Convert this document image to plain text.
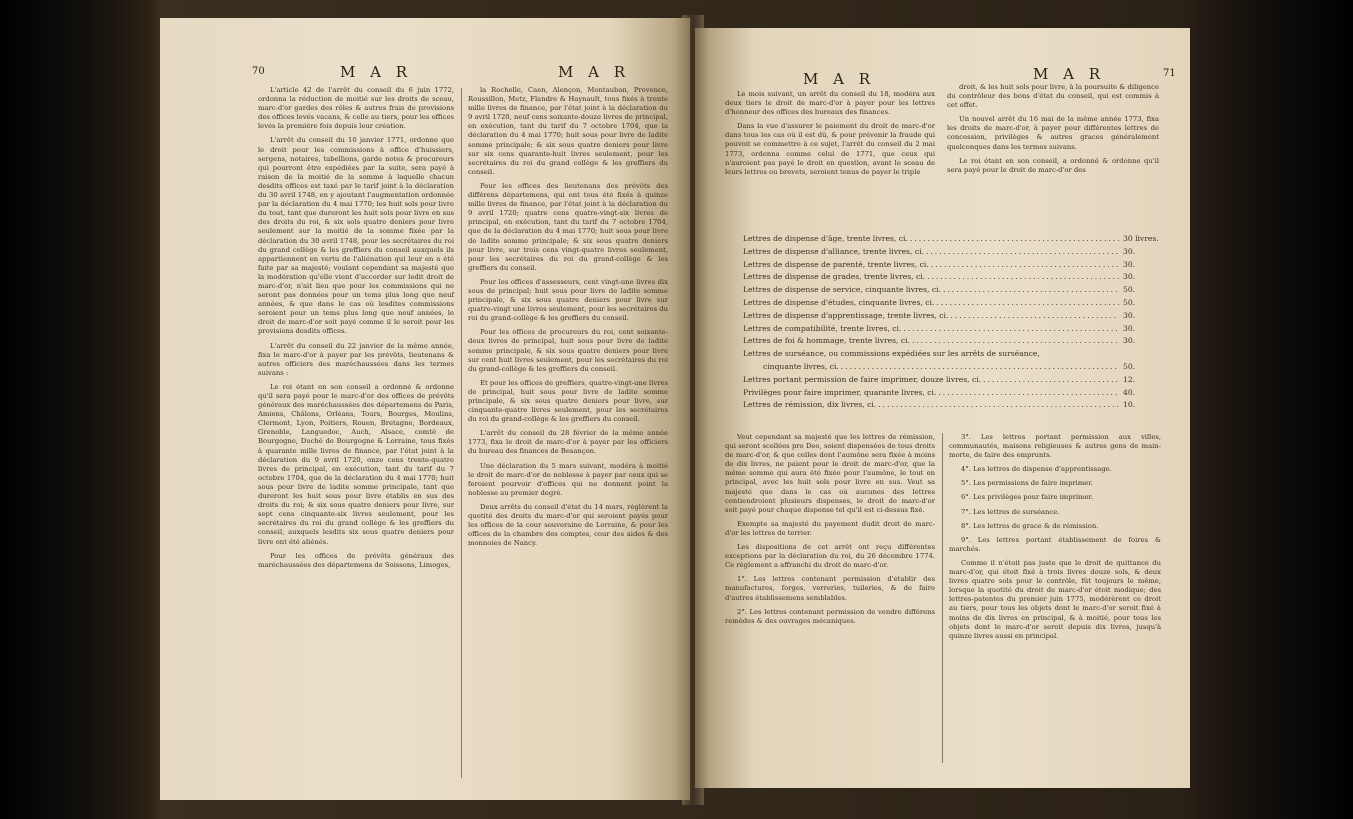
70	M A R	M A R

L'article 42 de l'arrêt du conseil du 6 juin 1772, ordonna la réduction de moitié sur les droits de sceau, marc-d'or gardes des rôles & autres frais de provisions des offices levés vacans, & celle au tiers, pour les offices levés la première fois depuis leur création.

L'arrêt du conseil du 10 janvier 1771, ordonne que le droit pour les commissions à office d'huissiers, sergens, notaires, tabellions, garde notes & procureurs qui pourront être expédiées par la suite, sera payé à raison de la moitié de la somme à laquelle chacun desdits offices est taxé par le tarif joint à la déclaration du 30 avril 1748, en y ajoutant l'augmentation ordonnée par la déclaration du 4 mai 1770; les huit sols pour livre du tout, tant que dureront les huit sols pour livre en sus des droits du roi, & six sols quatre deniers pour livre seulement sur la moitié de la somme fixée par la déclaration du 30 avril 1748, pour les secrétaires du roi du grand collège & les greffiers du conseil auxquels ils appartiennent en vertu de l'aliénation qui leur en a été faite par sa majesté; voulant cependant sa majesté que la modération qu'elle vient d'accorder sur ledit droit de marc-d'or, n'ait lieu que pour les commissions qui ne seront pas données pour un tems plus long que neuf années, & que dans le cas où lesdites commissions seroient pour un tems plus long que neuf années, le droit de marc-d'or soit payé comme il le seroit pour les provisions desdits offices.

L'arrêt du conseil du 22 janvier de la même année, fixa le marc-d'or à payer par les prévôts, lieutenans & autres officiers des maréchaussées dans les termes suivans :

Le roi étant en son conseil a ordonné & ordonne qu'il sera payé pour le marc-d'or des offices de prévôts généraux des maréchaussées des départemens de Paris, Amiens, Châlons, Orléans, Tours, Bourges, Moulins, Clermont, Lyon, Poitiers, Rouen, Bretagne, Bordeaux, Grenoble, Languedoc, Auch, Alsace, comté de Bourgogne, Duché de Bourgogne & Lorraine, tous fixés à quarante mille livres de finance, par l'état joint à la déclaration du 9 avril 1720, onze cens trente-quatre livres de principal, en exécution, tant du tarif du 7 octobre 1704, que de la déclaration du 4 mai 1770; huit sous pour livre de ladite somme principale, tant que dureront les huit sous pour livre établis en sus des droits du roi; & six sous quatre deniers pour livre, sur sept cens cinquante-six livres seulement, pour les secrétaires du roi du grand collège & les greffiers du conseil, auxquels lesdits six sous quatre deniers pour livre ont été aliénés.

Pour les offices de prévôts généraux des maréchaussées des départemens de Soissons, Limoges,

la Rochelle, Caen, Alençon, Montauban, Provence, Roussillon, Metz, Flandre & Haynault, tous fixés à trente mille livres de finance, par l'état joint à la déclaration du 9 avril 1720, neuf cens soixante-douze livres de principal, en exécution, tant du tarif du 7 octobre 1704, que la déclaration du 4 mai 1770; huit sous pour livre de ladite somme principale; & six sous quatre deniers pour livre sur six cens quarante-huit livres seulement, pour les secrétaires du roi du grand collège & les greffiers du conseil.

Pour les offices des lieutenans des prévôts des différens départemens, qui ont tous été fixés à quinze mille livres de finance, par l'état joint à la déclaration du 9 avril 1720; quatre cens quatre-vingt-six livres de principal, en exécution, tant du tarif du 7 octobre 1704, que de la déclaration du 4 mai 1770; huit sous pour livre de ladite somme principale; & six sous quatre deniers pour livre, sur trois cens vingt-quatre livres seulement, pour les secrétaires du roi du grand-collège & les greffiers du conseil.

Pour les offices d'assesseurs, cent vingt-une livres dix sous de principal; huit sous pour livre de ladite somme principale, & six sous quatre deniers pour livre sur quatre-vingt une livres seulement, pour les secrétaires du roi du grand-collège & les greffiers du conseil.

Pour les offices de procureurs du roi, cent soixante-deux livres de principal, huit sous pour livre de ladite somme principale, & six sous quatre deniers pour livre sur cent huit livres seulement, pour les secrétaires du roi du grand-collège & les greffiers du conseil.

Et pour les offices de greffiers, quatre-vingt-une livres de principal, huit sous pour livre de ladite somme principale, & six sous quatre deniers pour livre, sur cinquante-quatre livres seulement, pour les secrétaires du roi du grand-collège & les greffiers du conseil.

L'arrêt du conseil du 28 février de la même année 1773, fixa le droit de marc-d'or à payer par les officiers du bureau des finances de Besançon.

Une déclaration du 5 mars suivant, modéra à moitié le droit de marc-d'or de noblesse à payer par ceux qui se feroient pourvoir d'offices qui ne donnent point la noblesse au premier degré.

Deux arrêts du conseil d'état du 14 mars, réglèrent la quotité des droits du marc-d'or qui seroient payés pour les offices de la cour souveraine de Lorraine, & pour les offices de la chambre des comptes, cour des aides & des monnoies de Nancy.

M A R	M A R	71

Le mois suivant, un arrêt du conseil du 18, modéra aux deux tiers le droit de marc-d'or à payer pour les lettres d'honneur des offices des bureaux des finances.

Dans la vue d'assurer le paiement du droit de marc-d'or dans tous les cas où il est dû, & pour prévenir la fraude qui pouvoit se commettre à ce sujet, l'arrêt du conseil du 2 mai 1773, ordonna comme celui de 1771, que ceux qui n'auroient pas payé le droit en question, avant le sceau de leurs lettres ou brevets, seroient tenus de payer le triple

droit, & les huit sols pour livre, à la poursuite & diligence du contrôleur des bons d'état du conseil, qui est commis à cet effet.

Un nouvel arrêt du 16 mai de la même année 1773, fixa les droits de marc-d'or, à payer pour différentes lettres de concession, privilèges & autres graces généralement quelconques dans les termes suivans.

Le roi étant en son conseil, a ordonné & ordonne qu'il sera payé pour le droit de marc-d'or des

Lettres de dispense d'âge, trente livres, ci .....	30 livres.
Lettres de dispense d'alliance, trente livres, ci .....	30.
Lettres de dispense de parenté, trente livres, ci .....	30.
Lettres de dispense de grades, trente livres, ci .....	30.
Lettres de dispense de service, cinquante livres, ci .....	50.
Lettres de dispense d'études, cinquante livres, ci .....	50.
Lettres de dispense d'apprentissage, trente livres, ci .....	30.
Lettres de compatibilité, trente livres, ci .....	30.
Lettres de foi & hommage, trente livres, ci .....	30.
Lettres de surséance, ou commissions expédiées sur les arrêts de surséance,
cinquante livres, ci .....	50.
Lettres portant permission de faire imprimer, douze livres, ci .....	12.
Privilèges pour faire imprimer, quarante livres, ci .....	40.
Lettres de rémission, dix livres, ci .....	10.

Veut cependant sa majesté que les lettres de rémission, qui seront scellées pro Deo, soient dispensées de tous droits de marc-d'or, & que celles dont l'aumône sera fixée à moins de dix livres, ne paient pour le droit de marc-d'or, que la même somme qui aura été fixée pour l'aumône, le tout en principal, avec les huit sols pour livre en sus. Veut sa majesté que dans le cas où aucunes des lettres contiendroient plusieurs dispenses, le droit de marc-d'or soit payé pour chaque dispense tel qu'il est ci-dessus fixé.

Exempte sa majesté du payement dudit droit de marc-d'or les lettres de terrier.

Les dispositions de cet arrêt ont reçu différentes exceptions par la déclaration du roi, du 26 décembre 1774. Ce règlement a affranchi du droit de marc-d'or.

1°. Les lettres contenant permission d'établir des manufactures, forges, verreries, tuileries, & de faire d'autres établissemens semblables.

2°. Les lettres contenant permission de vendre différens remèdes & des ouvrages mécaniques.

3°. Les lettres portant permission aux villes, communautés, maisons religieuses & autres gens de main-morte, de faire des emprunts.

4°. Les lettres de dispense d'apprentissage.

5°. Les permissions de faire imprimer.

6°. Les privilèges pour faire imprimer.

7°. Les lettres de surséance.

8°. Les lettres de grace & de rémission.

9°. Les lettres portant établissement de foires & marchés.

Comme il n'étoit pas juste que le droit de quittance du marc-d'or, qui étoit fixé à trois livres douze sols, & deux livres quatre sols pour le contrôle, fût toujours le même, lorsque la quotité du droit de marc-d'or étoit modique; des lettres-patentes du premier juin 1775, modérèrent ce droit au tiers, pour tous les objets dont le marc-d'or seroit fixé à moins de dix livres en principal, & à moitié, pour tous les objets dont le marc-d'or seroit depuis dix livres, jusqu'à quinze livres aussi en principal.
